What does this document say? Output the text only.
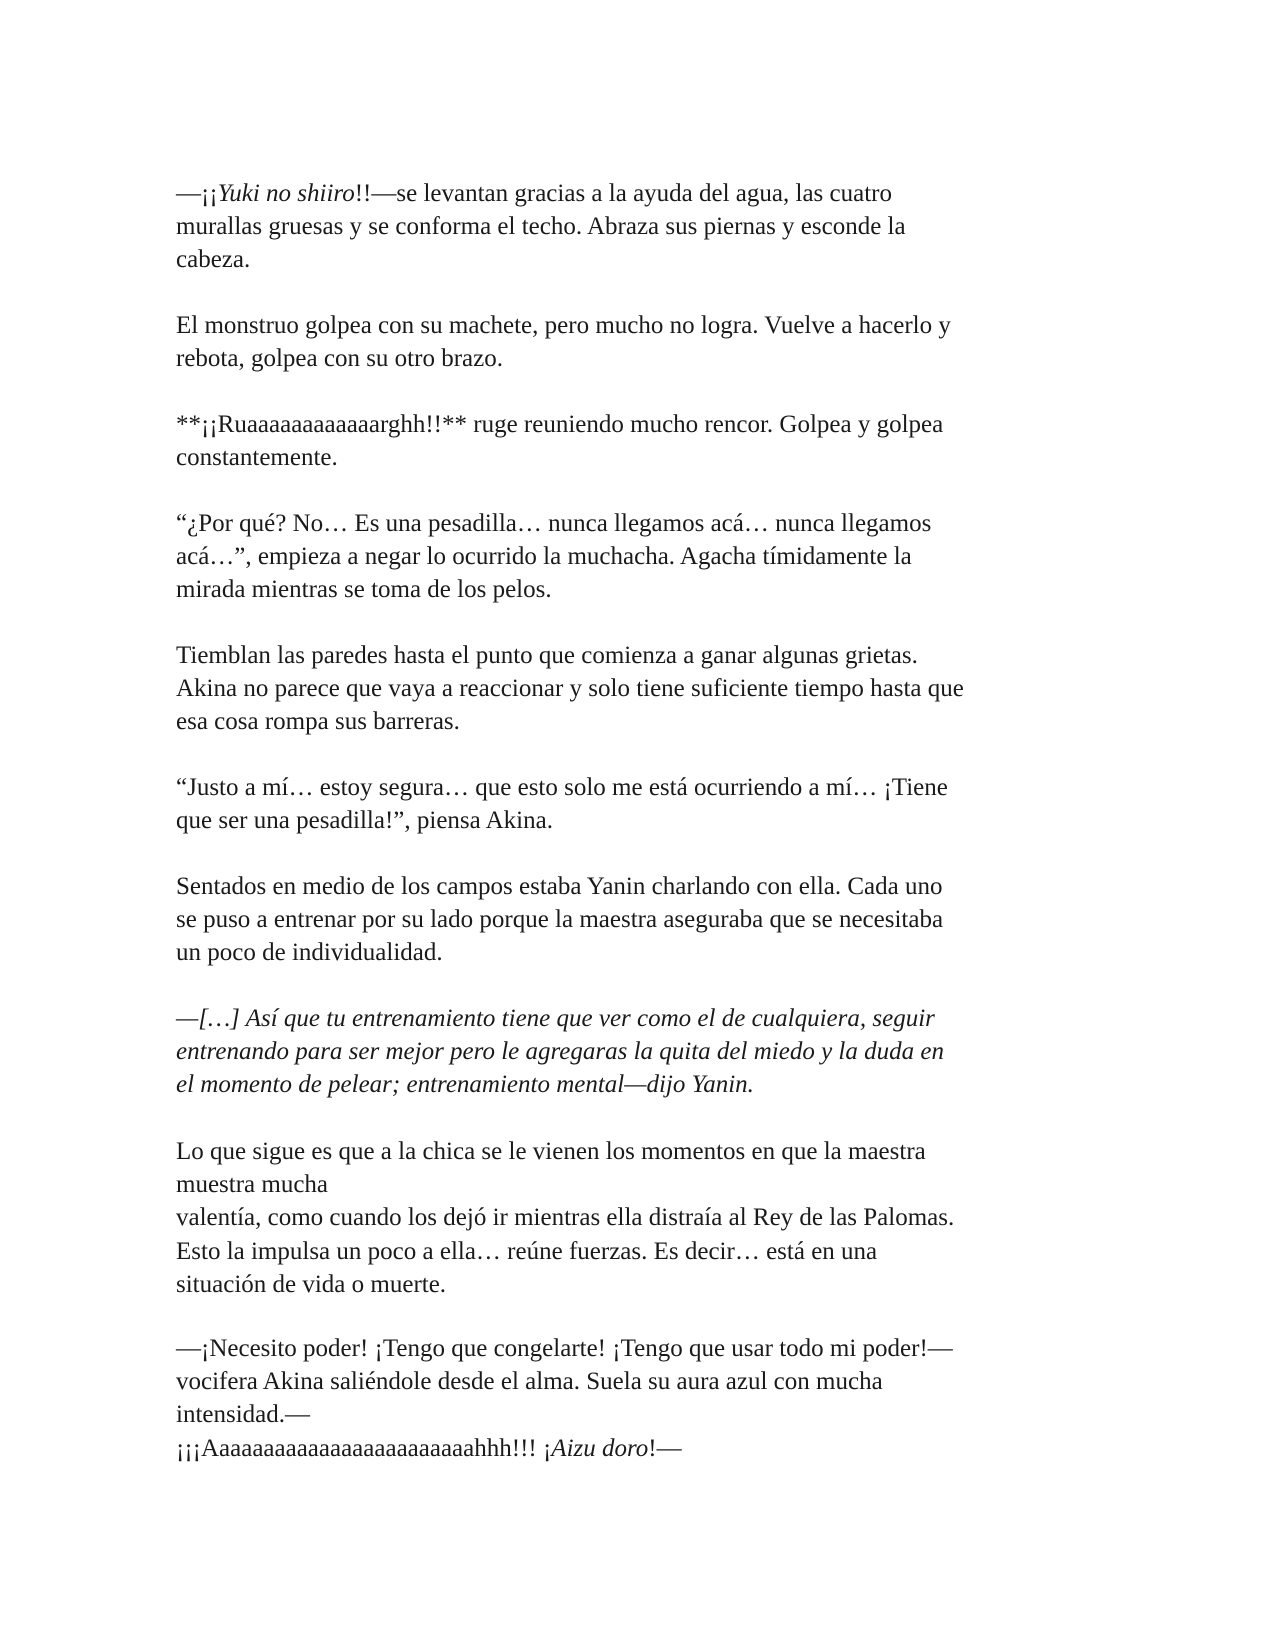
—¡¡Yuki no shiiro!!—se levantan gracias a la ayuda del agua, las cuatro
murallas gruesas y se conforma el techo. Abraza sus piernas y esconde la
cabeza.
El monstruo golpea con su machete, pero mucho no logra. Vuelve a hacerlo y
rebota, golpea con su otro brazo.
**¡¡Ruaaaaaaaaaaaarghh!!** ruge reuniendo mucho rencor. Golpea y golpea
constantemente.
“¿Por qué? No… Es una pesadilla… nunca llegamos acá… nunca llegamos
acá…”, empieza a negar lo ocurrido la muchacha. Agacha tímidamente la
mirada mientras se toma de los pelos.
Tiemblan las paredes hasta el punto que comienza a ganar algunas grietas.
Akina no parece que vaya a reaccionar y solo tiene suficiente tiempo hasta que
esa cosa rompa sus barreras.
“Justo a mí… estoy segura… que esto solo me está ocurriendo a mí… ¡Tiene
que ser una pesadilla!”, piensa Akina.
Sentados en medio de los campos estaba Yanin charlando con ella. Cada uno
se puso a entrenar por su lado porque la maestra aseguraba que se necesitaba
un poco de individualidad.
—[…] Así que tu entrenamiento tiene que ver como el de cualquiera, seguir
entrenando para ser mejor pero le agregaras la quita del miedo y la duda en
el momento de pelear; entrenamiento mental—dijo Yanin.
Lo que sigue es que a la chica se le vienen los momentos en que la maestra
muestra mucha
valentía, como cuando los dejó ir mientras ella distraía al Rey de las Palomas.
Esto la impulsa un poco a ella… reúne fuerzas. Es decir… está en una
situación de vida o muerte.
—¡Necesito poder! ¡Tengo que congelarte! ¡Tengo que usar todo mi poder!—
vocifera Akina saliéndole desde el alma. Suela su aura azul con mucha
intensidad.—
¡¡¡Aaaaaaaaaaaaaaaaaaaaaaaahhh!!! ¡Aizu doro!—
